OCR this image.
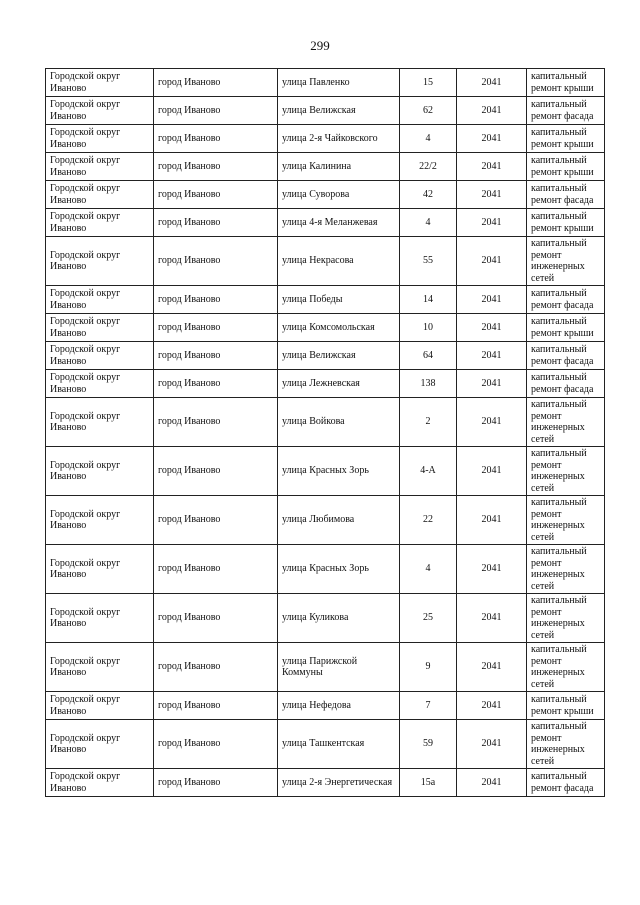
299
Городской округ Иваново	город Иваново	улица Павленко	15	2041	капитальный ремонт крыши
Городской округ Иваново	город Иваново	улица Велижская	62	2041	капитальный ремонт фасада
Городской округ Иваново	город Иваново	улица 2-я Чайковского	4	2041	капитальный ремонт крыши
Городской округ Иваново	город Иваново	улица Калинина	22/2	2041	капитальный ремонт крыши
Городской округ Иваново	город Иваново	улица Суворова	42	2041	капитальный ремонт фасада
Городской округ Иваново	город Иваново	улица 4-я Меланжевая	4	2041	капитальный ремонт крыши
Городской округ Иваново	город Иваново	улица Некрасова	55	2041	капитальный ремонт инженерных сетей
Городской округ Иваново	город Иваново	улица Победы	14	2041	капитальный ремонт фасада
Городской округ Иваново	город Иваново	улица Комсомольская	10	2041	капитальный ремонт крыши
Городской округ Иваново	город Иваново	улица Велижская	64	2041	капитальный ремонт фасада
Городской округ Иваново	город Иваново	улица Лежневская	138	2041	капитальный ремонт фасада
Городской округ Иваново	город Иваново	улица Войкова	2	2041	капитальный ремонт инженерных сетей
Городской округ Иваново	город Иваново	улица Красных Зорь	4-А	2041	капитальный ремонт инженерных сетей
Городской округ Иваново	город Иваново	улица Любимова	22	2041	капитальный ремонт инженерных сетей
Городской округ Иваново	город Иваново	улица Красных Зорь	4	2041	капитальный ремонт инженерных сетей
Городской округ Иваново	город Иваново	улица Куликова	25	2041	капитальный ремонт инженерных сетей
Городской округ Иваново	город Иваново	улица Парижской Коммуны	9	2041	капитальный ремонт инженерных сетей
Городской округ Иваново	город Иваново	улица Нефедова	7	2041	капитальный ремонт крыши
Городской округ Иваново	город Иваново	улица Ташкентская	59	2041	капитальный ремонт инженерных сетей
Городской округ Иваново	город Иваново	улица 2-я Энергетическая	15а	2041	капитальный ремонт фасада
